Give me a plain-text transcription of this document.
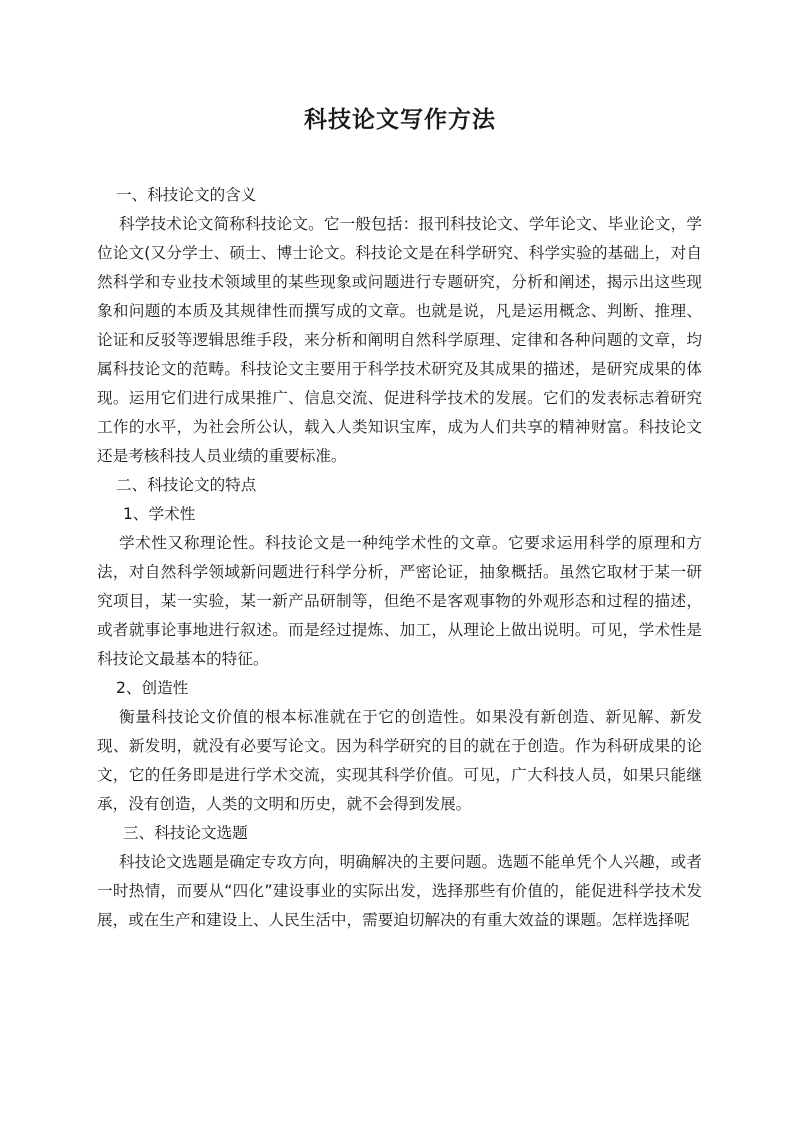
科技论文写作方法

一、科技论文的含义

科学技术论文简称科技论文。它一般包括：报刊科技论文、学年论文、毕业论文，学位论文(又分学士、硕士、博士论文。科技论文是在科学研究、科学实验的基础上，对自然科学和专业技术领域里的某些现象或问题进行专题研究，分析和阐述，揭示出这些现象和问题的本质及其规律性而撰写成的文章。也就是说，凡是运用概念、判断、推理、论证和反驳等逻辑思维手段，来分析和阐明自然科学原理、定律和各种问题的文章，均属科技论文的范畴。科技论文主要用于科学技术研究及其成果的描述，是研究成果的体现。运用它们进行成果推广、信息交流、促进科学技术的发展。它们的发表标志着研究工作的水平，为社会所公认，载入人类知识宝库，成为人们共享的精神财富。科技论文还是考核科技人员业绩的重要标准。

二、科技论文的特点

1、学术性

学术性又称理论性。科技论文是一种纯学术性的文章。它要求运用科学的原理和方法，对自然科学领域新问题进行科学分析，严密论证，抽象概括。虽然它取材于某一研究项目，某一实验，某一新产品研制等，但绝不是客观事物的外观形态和过程的描述，或者就事论事地进行叙述。而是经过提炼、加工，从理论上做出说明。可见，学术性是科技论文最基本的特征。

2、创造性

衡量科技论文价值的根本标准就在于它的创造性。如果没有新创造、新见解、新发现、新发明，就没有必要写论文。因为科学研究的目的就在于创造。作为科研成果的论文，它的任务即是进行学术交流，实现其科学价值。可见，广大科技人员，如果只能继承，没有创造，人类的文明和历史，就不会得到发展。

三、科技论文选题

科技论文选题是确定专攻方向，明确解决的主要问题。选题不能单凭个人兴趣，或者一时热情，而要从“四化”建设事业的实际出发，选择那些有价值的，能促进科学技术发展，或在生产和建设上、人民生活中，需要迫切解决的有重大效益的课题。怎样选择呢
